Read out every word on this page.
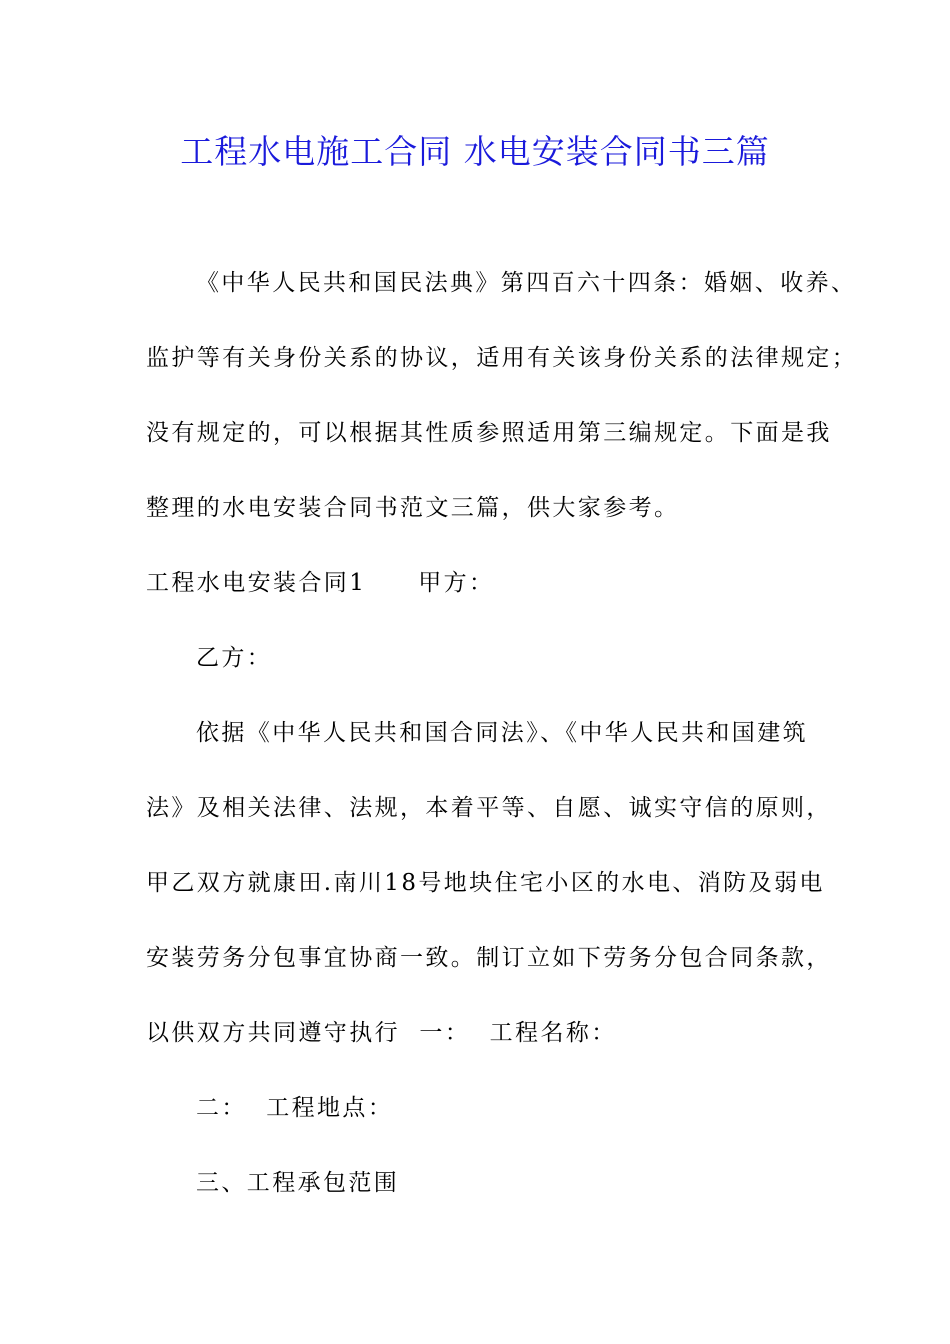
工程水电施工合同 水电安装合同书三篇
《中华人民共和国民法典》第四百六十四条：婚姻、收养、
监护等有关身份关系的协议，适用有关该身份关系的法律规定；
没有规定的，可以根据其性质参照适用第三编规定。下面是我
整理的水电安装合同书范文三篇，供大家参考。
工程水电安装合同1 甲方：
乙方：
依据《中华人民共和国合同法》、《中华人民共和国建筑
法》及相关法律、法规，本着平等、自愿、诚实守信的原则，
甲乙双方就康田.南川18号地块住宅小区的水电、消防及弱电
安装劳务分包事宜协商一致。制订立如下劳务分包合同条款，
以供双方共同遵守执行  一：  工程名称：
二：  工程地点：
三、工程承包范围
